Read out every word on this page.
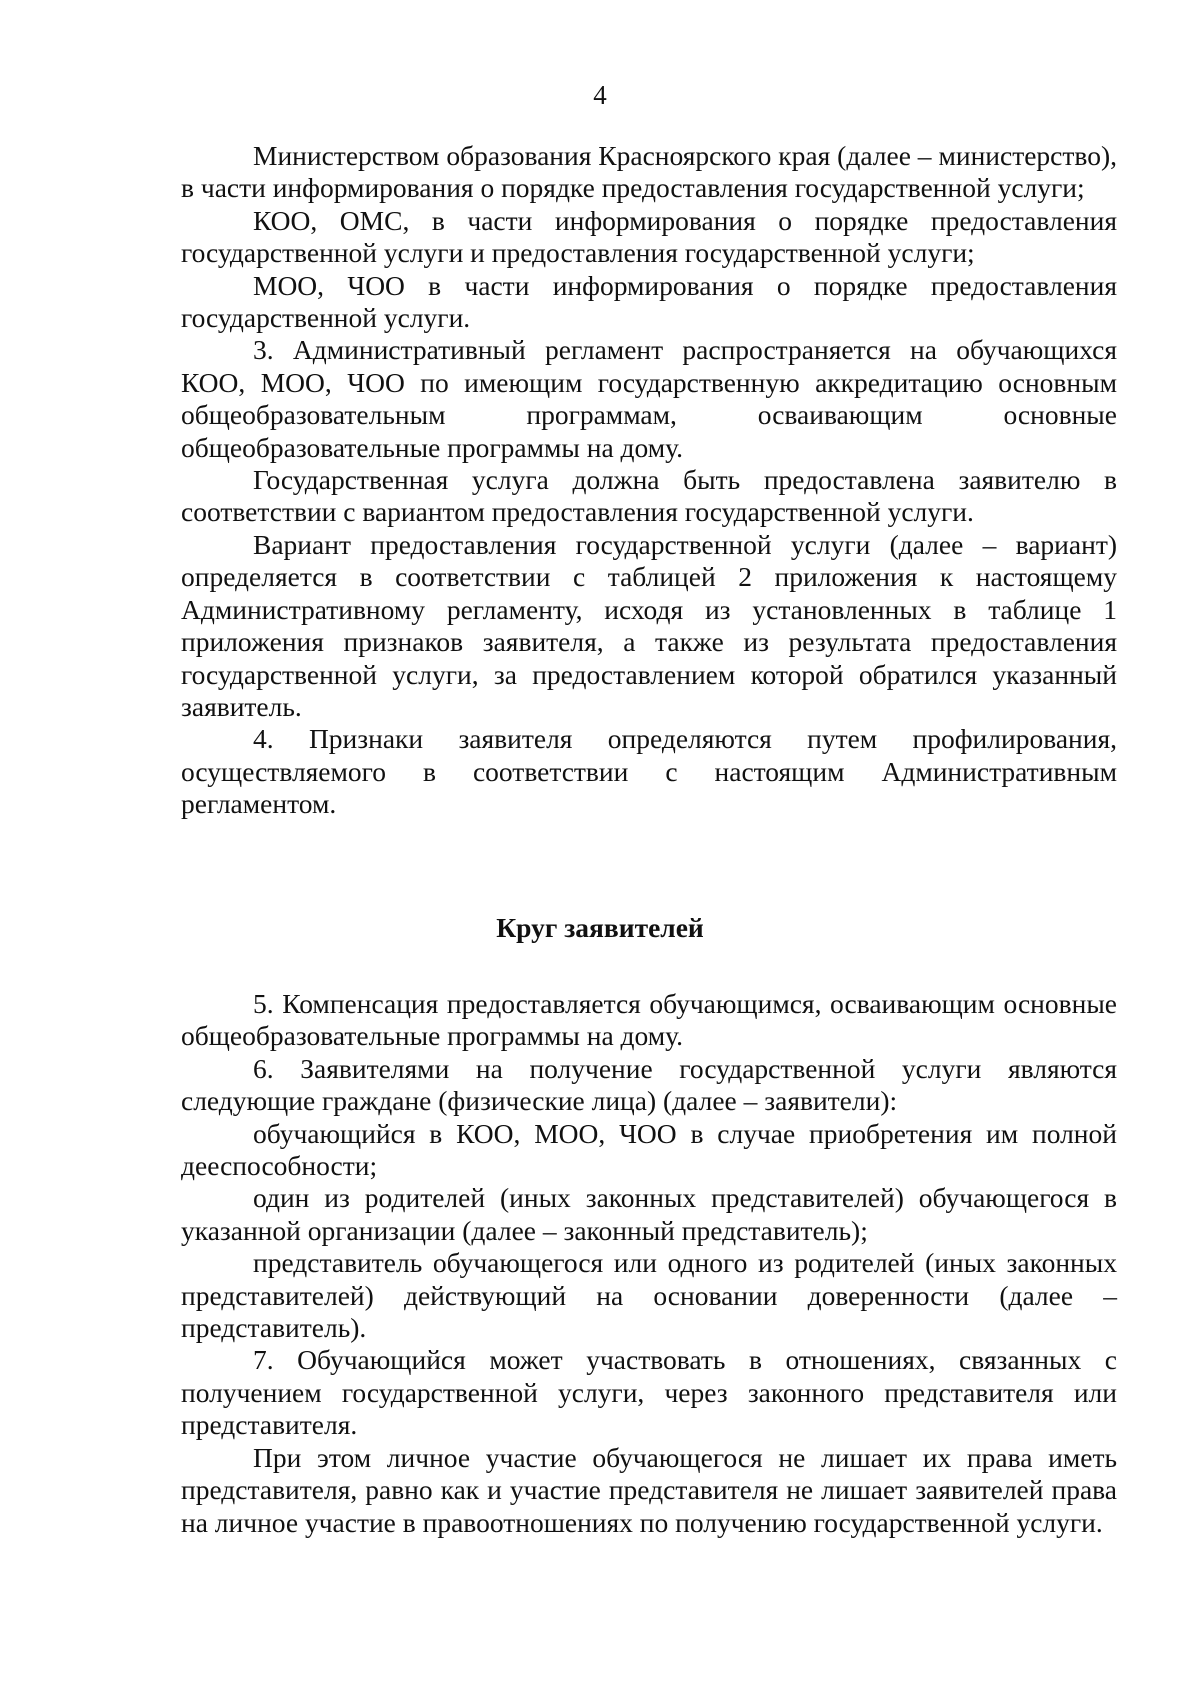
4

Министерством образования Красноярского края (далее – министерство), в части информирования о порядке предоставления государственной услуги;

КОО, ОМС, в части информирования о порядке предоставления государственной услуги и предоставления государственной услуги;

МОО, ЧОО в части информирования о порядке предоставления государственной услуги.

3. Административный регламент распространяется на обучающихся КОО, МОО, ЧОО по имеющим государственную аккредитацию основным общеобразовательным программам, осваивающим основные общеобразовательные программы на дому.

Государственная услуга должна быть предоставлена заявителю в соответствии с вариантом предоставления государственной услуги.

Вариант предоставления государственной услуги (далее – вариант) определяется в соответствии с таблицей 2 приложения к настоящему Административному регламенту, исходя из установленных в таблице 1 приложения признаков заявителя, а также из результата предоставления государственной услуги, за предоставлением которой обратился указанный заявитель.

4. Признаки заявителя определяются путем профилирования, осуществляемого в соответствии с настоящим Административным регламентом.

Круг заявителей

5. Компенсация предоставляется обучающимся, осваивающим основные общеобразовательные программы на дому.

6. Заявителями на получение государственной услуги являются следующие граждане (физические лица) (далее – заявители):

обучающийся в КОО, МОО, ЧОО в случае приобретения им полной дееспособности;

один из родителей (иных законных представителей) обучающегося в указанной организации (далее – законный представитель);

представитель обучающегося или одного из родителей (иных законных представителей) действующий на основании доверенности (далее – представитель).

7. Обучающийся может участвовать в отношениях, связанных с получением государственной услуги, через законного представителя или представителя.

При этом личное участие обучающегося не лишает их права иметь представителя, равно как и участие представителя не лишает заявителей права на личное участие в правоотношениях по получению государственной услуги.
